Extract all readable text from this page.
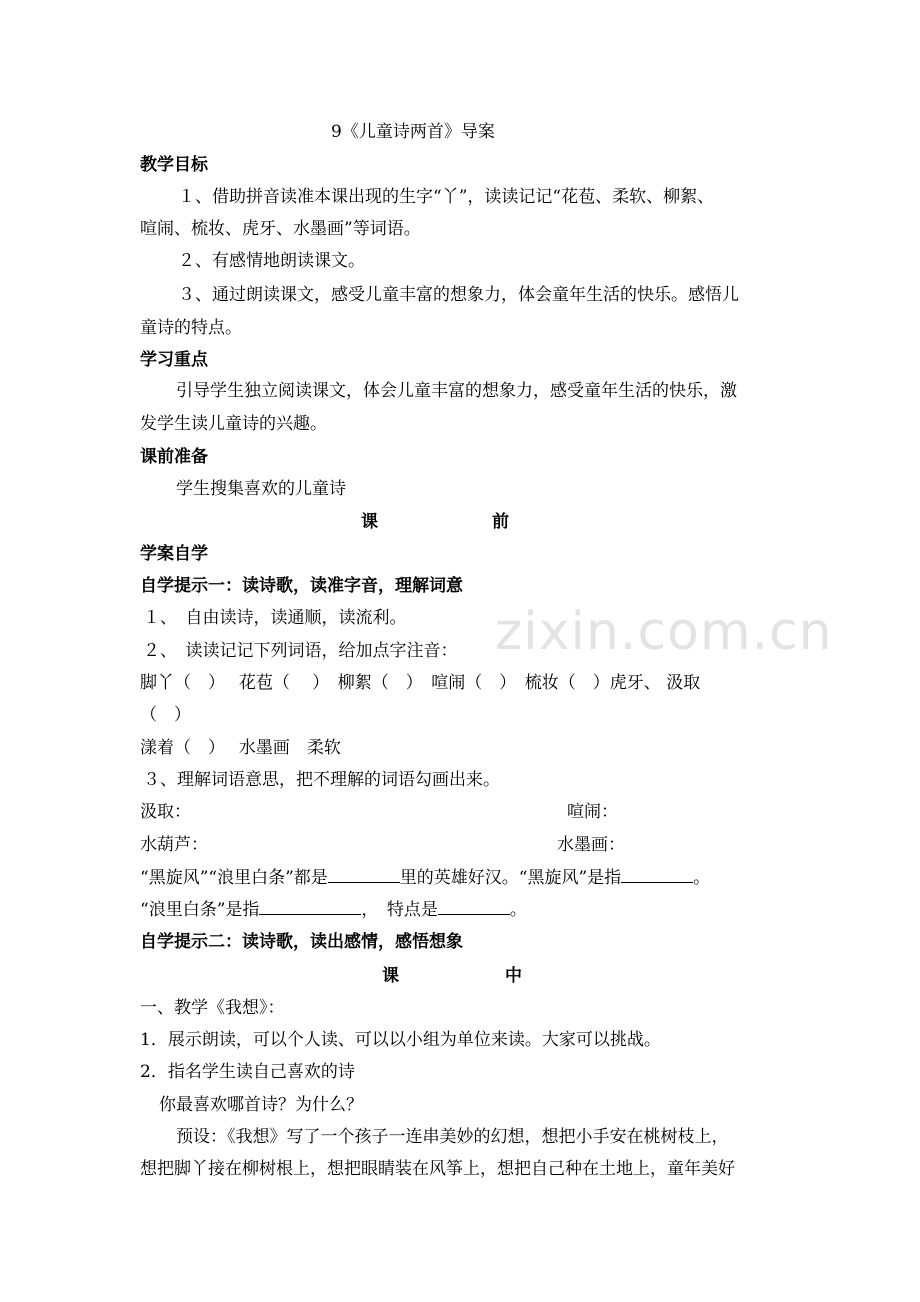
zixin.com.cn
9《儿童诗两首》导案
教学目标
１、借助拼音读准本课出现的生字“丫”，读读记记“花苞、柔软、柳絮、
喧闹、梳妆、虎牙、水墨画”等词语。
２、有感情地朗读课文。
３、通过朗读课文，感受儿童丰富的想象力，体会童年生活的快乐。感悟儿
童诗的特点。
学习重点
引导学生独立阅读课文，体会儿童丰富的想象力，感受童年生活的快乐，激
发学生读儿童诗的兴趣。
课前准备
学生搜集喜欢的儿童诗
课	前
学案自学
自学提示一：读诗歌，读准字音，理解词意
１、　自由读诗，读通顺，读流利。
２、　读读记记下列词语，给加点字注音：
脚丫（　）　 花苞（　 ）　柳絮（　）　喧闹（　）　梳妆（　）虎牙、 汲取
（　）
漾着（　）　 水墨画　柔软
３、理解词语意思，把不理解的词语勾画出来。
汲取：	喧闹：
水葫芦：	水墨画：
“黑旋风”“浪里白条”都是	里的英雄好汉。“黑旋风”是指	。
“浪里白条”是指	，　特点是	。
自学提示二：读诗歌，读出感情，感悟想象
课	中
一、教学《我想》：
1．展示朗读，可以个人读、可以以小组为单位来读。大家可以挑战。
2．指名学生读自己喜欢的诗
你最喜欢哪首诗？为什么？
预设：《我想》写了一个孩子一连串美妙的幻想，想把小手安在桃树枝上，
想把脚丫接在柳树根上，想把眼睛装在风筝上，想把自己种在土地上，童年美好
